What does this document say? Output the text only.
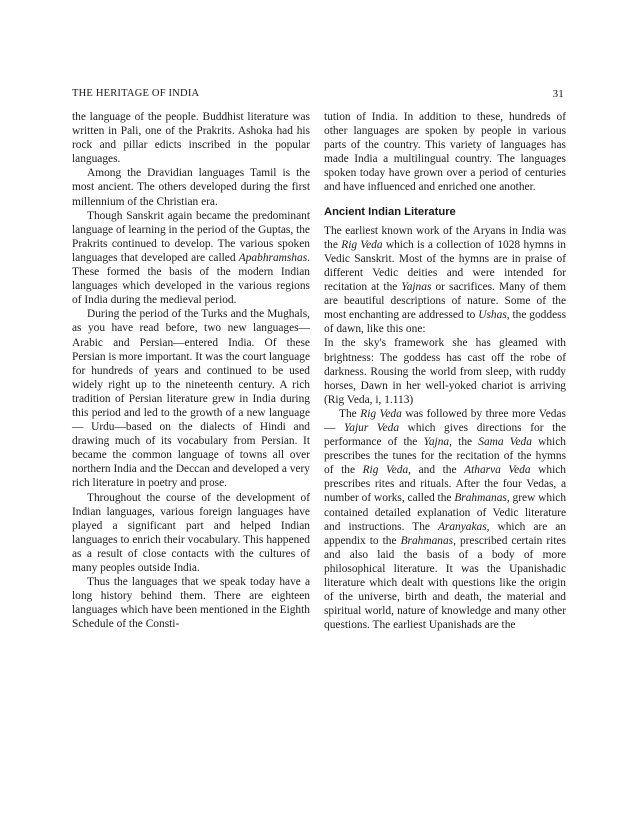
THE HERITAGE OF INDIA	31

the language of the people. Buddhist literature was written in Pali, one of the Prakrits. Ashoka had his rock and pillar edicts inscribed in the popular languages.

Among the Dravidian languages Tamil is the most ancient. The others developed during the first millennium of the Christian era.

Though Sanskrit again became the predominant language of learning in the period of the Guptas, the Prakrits continued to develop. The various spoken languages that developed are called Apabhramshas. These formed the basis of the modern Indian languages which developed in the various regions of India during the medieval period.

During the period of the Turks and the Mughals, as you have read before, two new languages—Arabic and Persian—entered India. Of these Persian is more important. It was the court language for hundreds of years and continued to be used widely right up to the nineteenth century. A rich tradition of Persian literature grew in India during this period and led to the growth of a new language — Urdu—based on the dialects of Hindi and drawing much of its vocabulary from Persian. It became the common language of towns all over northern India and the Deccan and developed a very rich literature in poetry and prose.

Throughout the course of the development of Indian languages, various foreign languages have played a significant part and helped Indian languages to enrich their vocabulary. This happened as a result of close contacts with the cultures of many peoples outside India.

Thus the languages that we speak today have a long history behind them. There are eighteen languages which have been mentioned in the Eighth Schedule of the Consti-

tution of India. In addition to these, hundreds of other languages are spoken by people in various parts of the country. This variety of languages has made India a multilingual country. The languages spoken today have grown over a period of centuries and have influenced and enriched one another.

Ancient Indian Literature

The earliest known work of the Aryans in India was the Rig Veda which is a collection of 1028 hymns in Vedic Sanskrit. Most of the hymns are in praise of different Vedic deities and were intended for recitation at the Yajnas or sacrifices. Many of them are beautiful descriptions of nature. Some of the most enchanting are addressed to Ushas, the goddess of dawn, like this one:

In the sky's framework she has gleamed with brightness: The goddess has cast off the robe of darkness. Rousing the world from sleep, with ruddy horses, Dawn in her well-yoked chariot is arriving (Rig Veda, i, 1.113)

The Rig Veda was followed by three more Vedas — Yajur Veda which gives directions for the performance of the Yajna, the Sama Veda which prescribes the tunes for the recitation of the hymns of the Rig Veda, and the Atharva Veda which prescribes rites and rituals. After the four Vedas, a number of works, called the Brahmanas, grew which contained detailed explanation of Vedic literature and instructions. The Aranyakas, which are an appendix to the Brahmanas, prescribed certain rites and also laid the basis of a body of more philosophical literature. It was the Upanishadic literature which dealt with questions like the origin of the universe, birth and death, the material and spiritual world, nature of knowledge and many other questions. The earliest Upanishads are the
